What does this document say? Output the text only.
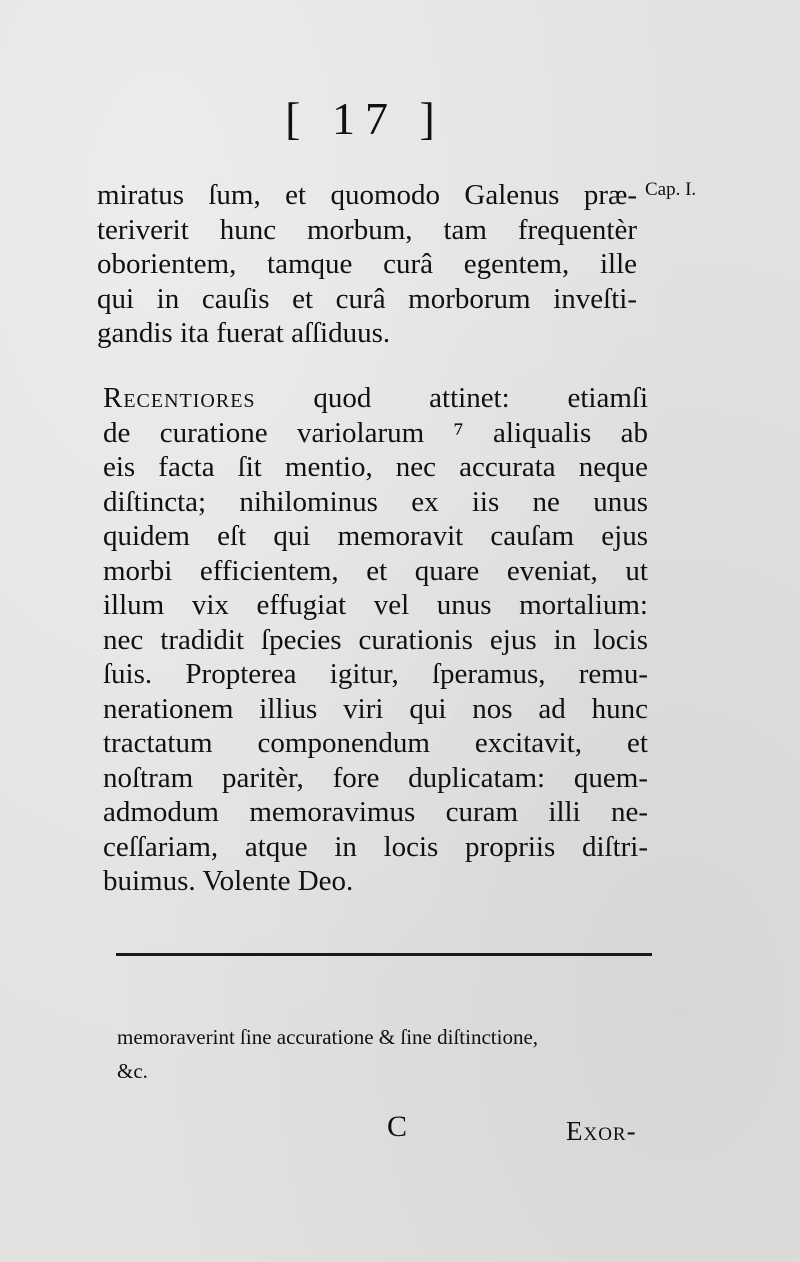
[ 17 ]
Cap. I.
miratus ſum, et quomodo Galenus præ-
teriverit hunc morbum, tam frequentèr
oborientem, tamque curâ egentem, ille
qui in cauſis et curâ morborum inveſti-
gandis ita fuerat aſſiduus.
Recentiores quod attinet: etiamſi
de curatione variolarum ⁷ aliqualis ab
eis facta ſit mentio, nec accurata neque
diſtincta; nihilominus ex iis ne unus
quidem eſt qui memoravit cauſam ejus
morbi efficientem, et quare eveniat, ut
illum vix effugiat vel unus mortalium:
nec tradidit ſpecies curationis ejus in locis
ſuis. Propterea igitur, ſperamus, remu-
nerationem illius viri qui nos ad hunc
tractatum componendum excitavit, et
noſtram paritèr, fore duplicatam: quem-
admodum memoravimus curam illi ne-
ceſſariam, atque in locis propriis diſtri-
buimus. Volente Deo.
memoraverint ſine accuratione & ſine diſtinctione,
&c.
C	Exor-
